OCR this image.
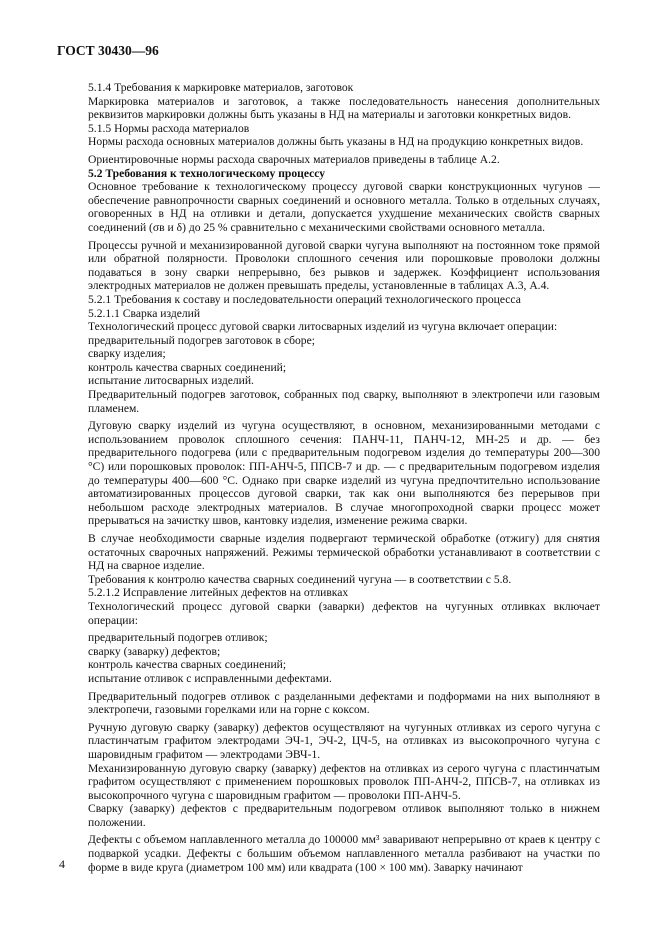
ГОСТ 30430—96

5.1.4 Требования к маркировке материалов, заготовок

Маркировка материалов и заготовок, а также последовательность нанесения дополнительных реквизитов маркировки должны быть указаны в НД на материалы и заготовки конкретных видов.

5.1.5 Нормы расхода материалов

Нормы расхода основных материалов должны быть указаны в НД на продукцию конкретных видов.

Ориентировочные нормы расхода сварочных материалов приведены в таблице А.2.

5.2 Требования к технологическому процессу

Основное требование к технологическому процессу дуговой сварки конструкционных чугунов — обеспечение равнопрочности сварных соединений и основного металла. Только в отдельных случаях, оговоренных в НД на отливки и детали, допускается ухудшение механических свойств сварных соединений (σв и δ) до 25 % сравнительно с механическими свойствами основного металла.

Процессы ручной и механизированной дуговой сварки чугуна выполняют на постоянном токе прямой или обратной полярности. Проволоки сплошного сечения или порошковые проволоки должны подаваться в зону сварки непрерывно, без рывков и задержек. Коэффициент использования электродных материалов не должен превышать пределы, установленные в таблицах А.3, А.4.

5.2.1 Требования к составу и последовательности операций технологического процесса

5.2.1.1 Сварка изделий

Технологический процесс дуговой сварки литосварных изделий из чугуна включает операции:

предварительный подогрев заготовок в сборе;

сварку изделия;

контроль качества сварных соединений;

испытание литосварных изделий.

Предварительный подогрев заготовок, собранных под сварку, выполняют в электропечи или газовым пламенем.

Дуговую сварку изделий из чугуна осуществляют, в основном, механизированными методами с использованием проволок сплошного сечения: ПАНЧ-11, ПАНЧ-12, МН-25 и др. — без предварительного подогрева (или с предварительным подогревом изделия до температуры 200—300 °С) или порошковых проволок: ПП-АНЧ-5, ППСВ-7 и др. — с предварительным подогревом изделия до температуры 400—600 °С. Однако при сварке изделий из чугуна предпочтительно использование автоматизированных процессов дуговой сварки, так как они выполняются без перерывов при небольшом расходе электродных материалов. В случае многопроходной сварки процесс может прерываться на зачистку швов, кантовку изделия, изменение режима сварки.

В случае необходимости сварные изделия подвергают термической обработке (отжигу) для снятия остаточных сварочных напряжений. Режимы термической обработки устанавливают в соответствии с НД на сварное изделие.

Требования к контролю качества сварных соединений чугуна — в соответствии с 5.8.

5.2.1.2 Исправление литейных дефектов на отливках

Технологический процесс дуговой сварки (заварки) дефектов на чугунных отливках включает операции:

предварительный подогрев отливок;

сварку (заварку) дефектов;

контроль качества сварных соединений;

испытание отливок с исправленными дефектами.

Предварительный подогрев отливок с разделанными дефектами и подформами на них выполняют в электропечи, газовыми горелками или на горне с коксом.

Ручную дуговую сварку (заварку) дефектов осуществляют на чугунных отливках из серого чугуна с пластинчатым графитом электродами ЭЧ-1, ЭЧ-2, ЦЧ-5, на отливках из высокопрочного чугуна с шаровидным графитом — электродами ЭВЧ-1.

Механизированную дуговую сварку (заварку) дефектов на отливках из серого чугуна с пластинчатым графитом осуществляют с применением порошковых проволок ПП-АНЧ-2, ППСВ-7, на отливках из высокопрочного чугуна с шаровидным графитом — проволоки ПП-АНЧ-5.

Сварку (заварку) дефектов с предварительным подогревом отливок выполняют только в нижнем положении.

Дефекты с объемом наплавленного металла до 100000 мм³ заваривают непрерывно от краев к центру с подваркой усадки. Дефекты с большим объемом наплавленного металла разбивают на участки по форме в виде круга (диаметром 100 мм) или квадрата (100 × 100 мм). Заварку начинают

4
